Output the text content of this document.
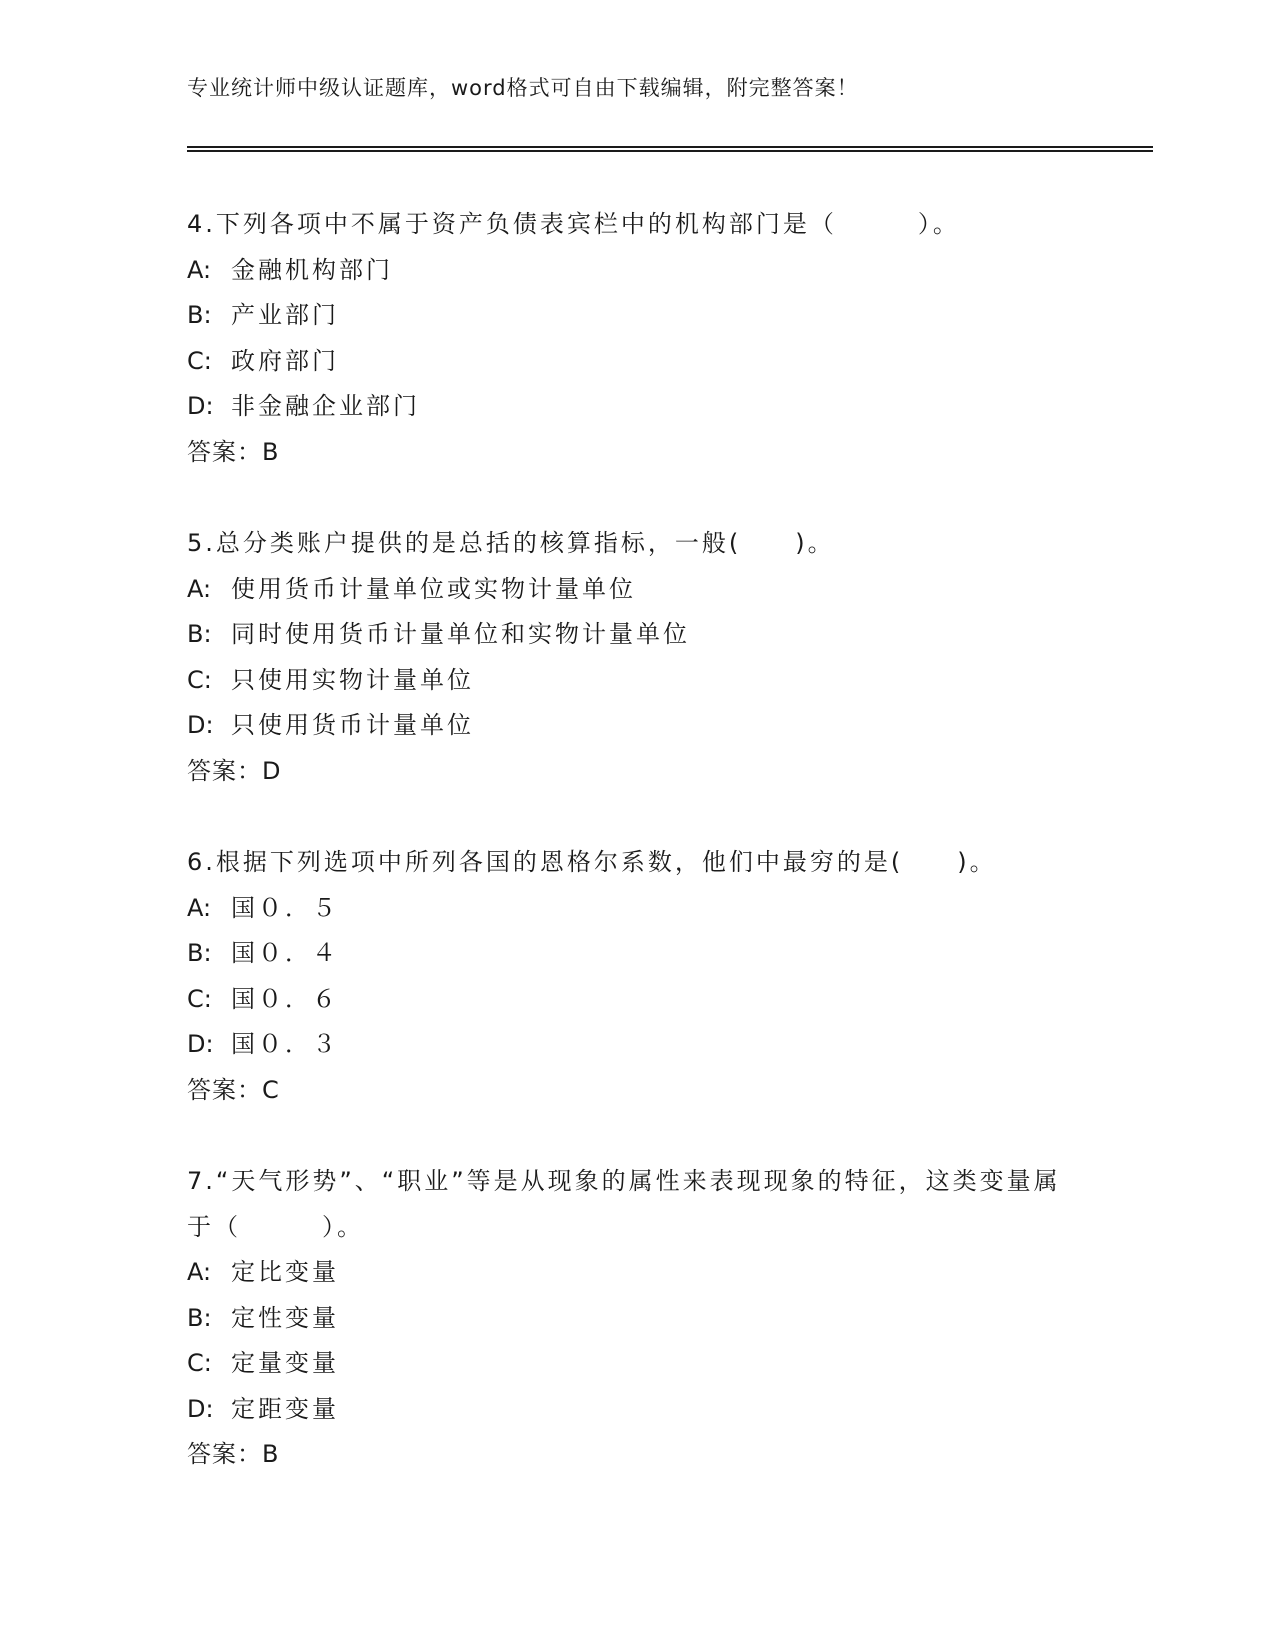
专业统计师中级认证题库，word格式可自由下载编辑，附完整答案！
4.下列各项中不属于资产负债表宾栏中的机构部门是（　　　）。
A: 金融机构部门
B: 产业部门
C: 政府部门
D: 非金融企业部门
答案：B
5.总分类账户提供的是总括的核算指标，一般(　　)。
A: 使用货币计量单位或实物计量单位
B: 同时使用货币计量单位和实物计量单位
C: 只使用实物计量单位
D: 只使用货币计量单位
答案：D
6.根据下列选项中所列各国的恩格尔系数，他们中最穷的是(　　)。
A: 国０．５
B: 国０．４
C: 国０．６
D: 国０．３
答案：C
7.“天气形势”、“职业”等是从现象的属性来表现现象的特征，这类变量属于（　　　）。
A: 定比变量
B: 定性变量
C: 定量变量
D: 定距变量
答案：B
